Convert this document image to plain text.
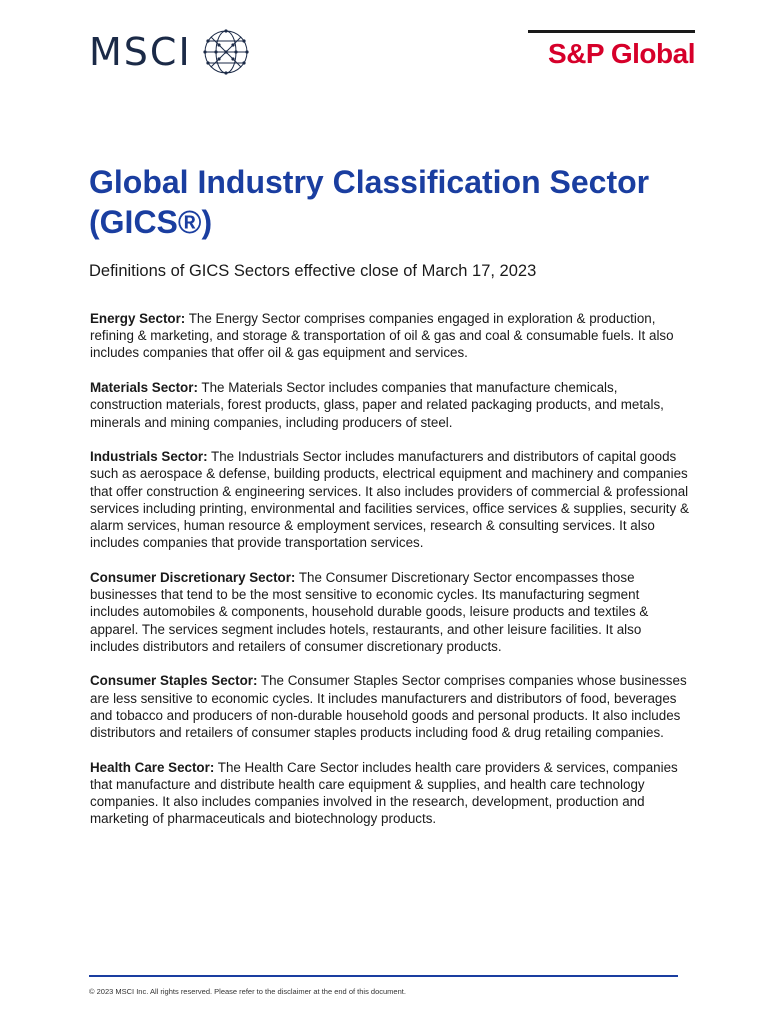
MSCI	S&P Global
Global Industry Classification Sector (GICS®)

Definitions of GICS Sectors effective close of March 17, 2023

Energy Sector: The Energy Sector comprises companies engaged in exploration & production, refining & marketing, and storage & transportation of oil & gas and coal & consumable fuels. It also includes companies that offer oil & gas equipment and services.

Materials Sector: The Materials Sector includes companies that manufacture chemicals, construction materials, forest products, glass, paper and related packaging products, and metals, minerals and mining companies, including producers of steel.

Industrials Sector: The Industrials Sector includes manufacturers and distributors of capital goods such as aerospace & defense, building products, electrical equipment and machinery and companies that offer construction & engineering services. It also includes providers of commercial & professional services including printing, environmental and facilities services, office services & supplies, security & alarm services, human resource & employment services, research & consulting services. It also includes companies that provide transportation services.

Consumer Discretionary Sector: The Consumer Discretionary Sector encompasses those businesses that tend to be the most sensitive to economic cycles. Its manufacturing segment includes automobiles & components, household durable goods, leisure products and textiles & apparel. The services segment includes hotels, restaurants, and other leisure facilities. It also includes distributors and retailers of consumer discretionary products.

Consumer Staples Sector: The Consumer Staples Sector comprises companies whose businesses are less sensitive to economic cycles. It includes manufacturers and distributors of food, beverages and tobacco and producers of non-durable household goods and personal products. It also includes distributors and retailers of consumer staples products including food & drug retailing companies.

Health Care Sector: The Health Care Sector includes health care providers & services, companies that manufacture and distribute health care equipment & supplies, and health care technology companies. It also includes companies involved in the research, development, production and marketing of pharmaceuticals and biotechnology products.

© 2023 MSCI Inc. All rights reserved. Please refer to the disclaimer at the end of this document.
